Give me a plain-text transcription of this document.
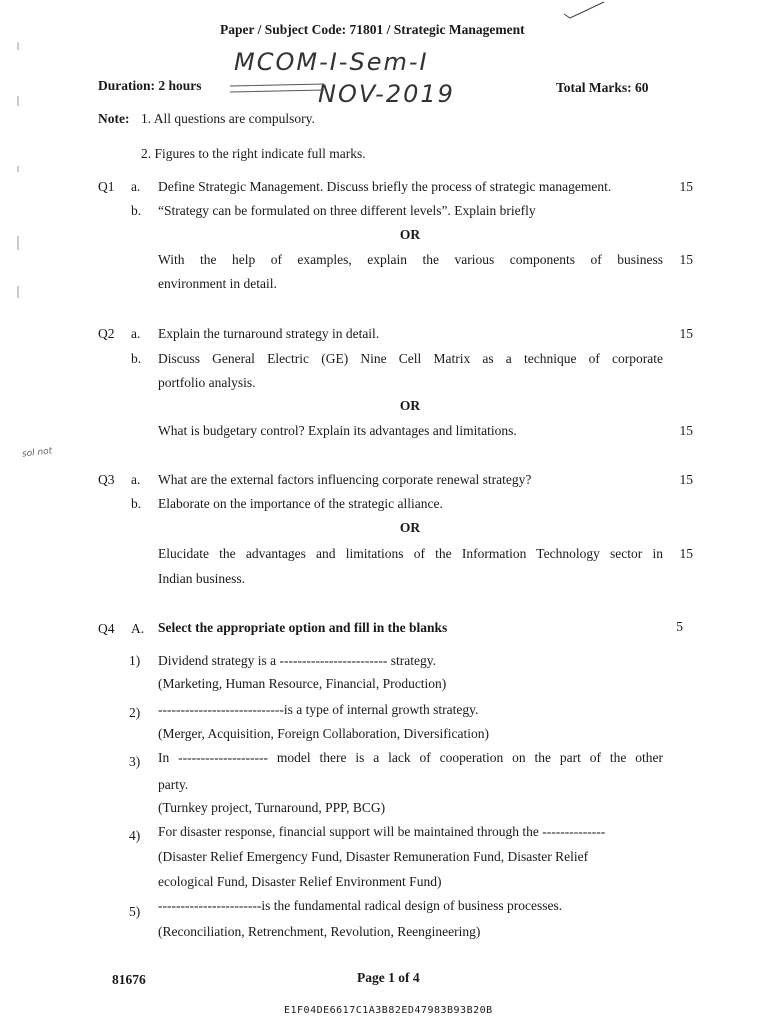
Paper / Subject Code: 71801 / Strategic Management
MCOM-I-Sem-I
NOV-2019
Duration: 2 hours	Total Marks: 60
Note: 1. All questions are compulsory.
2. Figures to the right indicate full marks.
Q1 a. Define Strategic Management. Discuss briefly the process of strategic management.	15
b. “Strategy can be formulated on three different levels”. Explain briefly
OR
With the help of examples, explain the various components of business	15
environment in detail.
Q2 a. Explain the turnaround strategy in detail.	15
b. Discuss General Electric (GE) Nine Cell Matrix as a technique of corporate
portfolio analysis.
OR
What is budgetary control? Explain its advantages and limitations.	15
sol not
Q3 a. What are the external factors influencing corporate renewal strategy?	15
b. Elaborate on the importance of the strategic alliance.
OR
Elucidate the advantages and limitations of the Information Technology sector in	15
Indian business.
Q4 A. Select the appropriate option and fill in the blanks	5
1) Dividend strategy is a ------------------------ strategy.
(Marketing, Human Resource, Financial, Production)
2) ----------------------------is a type of internal growth strategy.
(Merger, Acquisition, Foreign Collaboration, Diversification)
3) In -------------------- model there is a lack of cooperation on the part of the other
party.
(Turnkey project, Turnaround, PPP, BCG)
4) For disaster response, financial support will be maintained through the --------------
(Disaster Relief Emergency Fund, Disaster Remuneration Fund, Disaster Relief
ecological Fund, Disaster Relief Environment Fund)
5) -----------------------is the fundamental radical design of business processes.
(Reconciliation, Retrenchment, Revolution, Reengineering)
81676	Page 1 of 4
E1F04DE6617C1A3B82ED47983B93B20B
